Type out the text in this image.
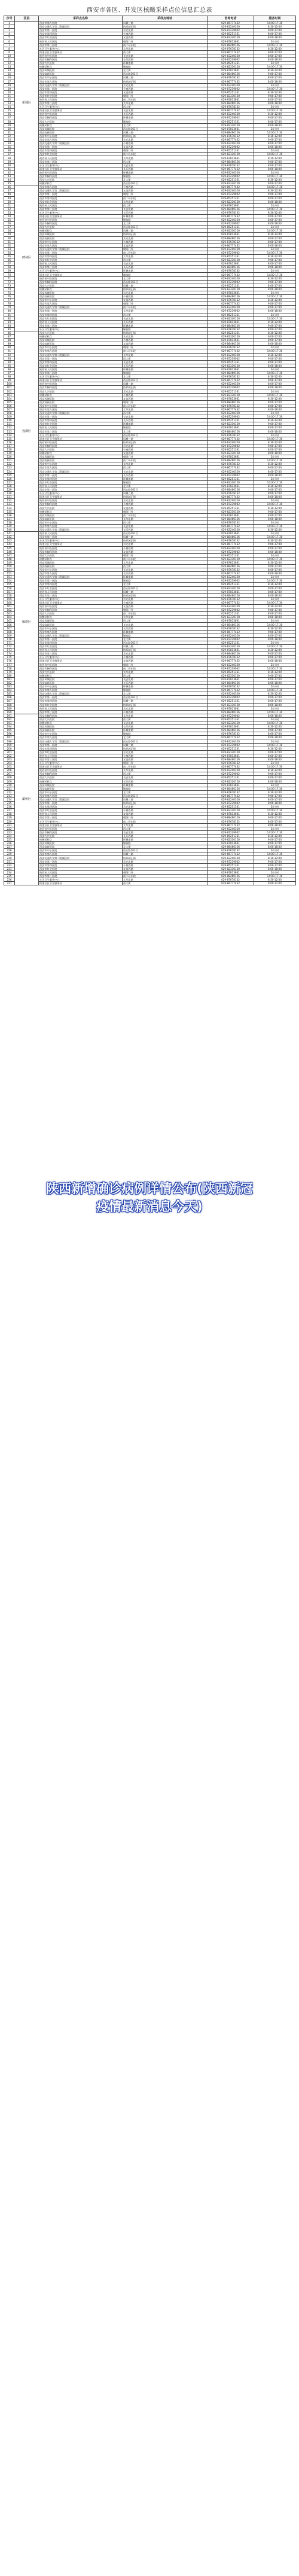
西安市各区、开发区核酸采样点位信息汇总表
序号	区县	采样点名称	采样点地址	咨询电话	服务时间
1	新城区	西安市第九医院	凤城三路	029-86777432	14:00-17:30
2		西安交通大学第二附属医院	纺织城正街	029-83240320	8:30-12:00
3		西安市第一医院	含光北路	029-87239002	9:00-17:00
4		西安市第四医院	小寨西路	029-85251331	8:00-17:00
5		西安市红会医院	友谊西路	029-82330120	8:00-18:00
6		陕西省人民医院	朝阳门外	029-87813661	24小时
7		西安市第三医院	南二环东段	029-88460126	14:00-17:30
8		社区卫生服务中心	太华北路	029-87678132	8:30-12:00
9		街道社区卫生服务站	西大街	029-86777432	9:00-17:00
10		陕西省中医医院	长安北路	029-83240320	8:00-17:00
11		西安市胸科医院	长乐西路	029-87239002	8:00-18:00
12		西安大兴医院	环城南路	029-85251331	24小时
13		核酸采样点	解放路	029-82330120	14:00-17:30
14		西安凤城医院	北大街	029-87813661	8:30-12:00
15		西安高新医院	西五路161号	029-88460126	9:00-17:00
16		西安市中心医院	凤城三路	029-87678132	8:00-17:00
17		西安市第九医院	纺织城正街	029-86777432	8:00-18:00
18		西安交通大学第二附属医院	含光北路	029-83240320	24小时
19		西安市第一医院	小寨西路	029-87239002	14:00-17:30
20		西安市第四医院	友谊西路	029-85251331	8:30-12:00
21		西安市红会医院	朝阳门外	029-82330120	9:00-17:00
22		陕西省人民医院	南二环东段	029-87813661	8:00-17:00
23		西安市第三医院	太华北路	029-88460126	8:00-18:00
24		社区卫生服务中心	西大街	029-87678132	24小时
25		街道社区卫生服务站	长安北路	029-86777432	14:00-17:30
26		陕西省中医医院	长乐西路	029-83240320	8:30-12:00
27		西安市胸科医院	环城南路	029-87239002	9:00-17:00
28		西安大兴医院	解放路	029-85251331	8:00-17:00
29		核酸采样点	北大街	029-82330120	8:00-18:00
30		西安凤城医院	西五路161号	029-87813661	24小时
31		西安高新医院	凤城三路	029-88460126	14:00-17:30
32		西安市中心医院	纺织城正街	029-87678132	8:30-12:00
33		西安市第九医院	含光北路	029-86777432	9:00-17:00
34		西安交通大学第二附属医院	小寨西路	029-83240320	8:00-17:00
35		西安市第一医院	友谊西路	029-87239002	8:00-18:00
36		西安市第四医院	朝阳门外	029-85251331	24小时
37		西安市红会医院	南二环东段	029-82330120	14:00-17:30
38		陕西省人民医院	太华北路	029-87813661	8:30-12:00
39		西安市第三医院	西大街	029-88460126	9:00-17:00
40		社区卫生服务中心	长安北路	029-87678132	8:00-17:00
41		街道社区卫生服务站	长乐西路	029-86777432	8:00-18:00
42		陕西省中医医院	环城南路	029-83240320	24小时
43		西安市胸科医院	解放路	029-87239002	14:00-17:30
44		西安大兴医院	北大街	029-85251331	8:30-12:00
45		核酸采样点	西五路161号	029-82330120	9:00-17:00
46	碑林区	西安市第九医院	小寨西路	029-86777432	14:00-17:30
47		西安交通大学第二附属医院	友谊西路	029-83240320	8:30-12:00
48		西安市第一医院	朝阳门外	029-87239002	9:00-17:00
49		西安市第四医院	南二环东段	029-85251331	8:00-17:00
50		西安市红会医院	太华北路	029-82330120	8:00-18:00
51		陕西省人民医院	西大街	029-87813661	24小时
52		西安市第三医院	长安北路	029-88460126	14:00-17:30
53		社区卫生服务中心	长乐西路	029-87678132	8:30-12:00
54		街道社区卫生服务站	环城南路	029-86777432	9:00-17:00
55		陕西省中医医院	解放路	029-83240320	8:00-17:00
56		西安市胸科医院	北大街	029-87239002	8:00-18:00
57		西安大兴医院	西五路161号	029-85251331	24小时
58		核酸采样点	凤城三路	029-82330120	14:00-17:30
59		西安凤城医院	纺织城正街	029-87813661	8:30-12:00
60		西安高新医院	含光北路	029-88460126	9:00-17:00
61		西安市中心医院	小寨西路	029-87678132	8:00-17:00
62		西安市第九医院	友谊西路	029-86777432	8:00-18:00
63		西安交通大学第二附属医院	朝阳门外	029-83240320	24小时
64		西安市第一医院	南二环东段	029-87239002	14:00-17:30
65		西安市第四医院	太华北路	029-85251331	8:30-12:00
66		西安市红会医院	西大街	029-82330120	9:00-17:00
67		陕西省人民医院	长安北路	029-87813661	8:00-17:00
68		西安市第三医院	长乐西路	029-88460126	8:00-18:00
69		社区卫生服务中心	环城南路	029-87678132	24小时
70		街道社区卫生服务站	解放路	029-86777432	14:00-17:30
71		陕西省中医医院	北大街	029-83240320	8:30-12:00
72		西安市胸科医院	西五路161号	029-87239002	9:00-17:00
73		西安大兴医院	凤城三路	029-85251331	8:00-17:00
74		核酸采样点	纺织城正街	029-82330120	8:00-18:00
75		西安凤城医院	含光北路	029-87813661	24小时
76		西安高新医院	小寨西路	029-88460126	14:00-17:30
77		西安市中心医院	友谊西路	029-87678132	8:30-12:00
78		西安市第九医院	朝阳门外	029-86777432	9:00-17:00
79		西安交通大学第二附属医院	南二环东段	029-83240320	8:00-17:00
80		西安市第一医院	太华北路	029-87239002	8:00-18:00
81		西安市第四医院	西大街	029-85251331	24小时
82		西安市红会医院	长安北路	029-82330120	14:00-17:30
83		陕西省人民医院	长乐西路	029-87813661	8:30-12:00
84		西安市第三医院	环城南路	029-88460126	9:00-17:00
85		社区卫生服务中心	解放路	029-87678132	8:00-17:00
86	莲湖区	西安大兴医院	纺织城正街	029-85251331	8:30-12:00
87		核酸采样点	含光北路	029-82330120	9:00-17:00
88		西安凤城医院	小寨西路	029-87813661	8:00-17:00
89		西安高新医院	友谊西路	029-88460126	8:00-18:00
90		西安市中心医院	朝阳门外	029-87678132	24小时
91		西安市第九医院	南二环东段	029-86777432	14:00-17:30
92		西安交通大学第二附属医院	太华北路	029-83240320	8:30-12:00
93		西安市第一医院	西大街	029-87239002	9:00-17:00
94		西安市第四医院	长安北路	029-85251331	8:00-17:00
95		西安市红会医院	长乐西路	029-82330120	8:00-18:00
96		陕西省人民医院	环城南路	029-87813661	24小时
97		西安市第三医院	解放路	029-88460126	14:00-17:30
98		社区卫生服务中心	北大街	029-87678132	8:30-12:00
99		街道社区卫生服务站	西五路161号	029-86777432	9:00-17:00
100		陕西省中医医院	凤城三路	029-83240320	8:00-17:00
101		西安市胸科医院	纺织城正街	029-87239002	8:00-18:00
102		西安大兴医院	含光北路	029-85251331	24小时
103		核酸采样点	小寨西路	029-82330120	14:00-17:30
104		西安凤城医院	友谊西路	029-87813661	8:30-12:00
105		西安高新医院	朝阳门外	029-88460126	9:00-17:00
106		西安市中心医院	南二环东段	029-87678132	8:00-17:00
107		西安市第九医院	太华北路	029-86777432	8:00-18:00
108		西安交通大学第二附属医院	西大街	029-83240320	24小时
109		西安市第一医院	长安北路	029-87239002	14:00-17:30
110		西安市第四医院	长乐西路	029-85251331	8:30-12:00
111		西安市红会医院	环城南路	029-82330120	9:00-17:00
112		陕西省人民医院	解放路	029-87813661	8:00-17:00
113		西安市第三医院	北大街	029-88460126	8:00-18:00
114		社区卫生服务中心	西五路161号	029-87678132	24小时
115		街道社区卫生服务站	凤城三路	029-86777432	14:00-17:30
116		陕西省中医医院	纺织城正街	029-83240320	8:30-12:00
117		西安市胸科医院	含光北路	029-87239002	9:00-17:00
118		西安大兴医院	小寨西路	029-85251331	8:00-17:00
119		核酸采样点	友谊西路	029-82330120	8:00-18:00
120		西安凤城医院	朝阳门外	029-87813661	24小时
121		西安高新医院	南二环东段	029-88460126	14:00-17:30
122		西安市中心医院	太华北路	029-87678132	8:30-12:00
123		西安市第九医院	西大街	029-86777432	9:00-17:00
124		西安交通大学第二附属医院	长安北路	029-83240320	8:00-17:00
125		西安市第一医院	长乐西路	029-87239002	8:00-18:00
126		西安市第四医院	环城南路	029-85251331	24小时
127		西安市红会医院	解放路	029-82330120	14:00-17:30
128		陕西省人民医院	北大街	029-87813661	8:30-12:00
129		西安市第三医院	西五路161号	029-88460126	9:00-17:00
130		社区卫生服务中心	凤城三路	029-87678132	8:00-17:00
131		街道社区卫生服务站	纺织城正街	029-86777432	8:00-18:00
132		陕西省中医医院	含光北路	029-83240320	24小时
133		西安市胸科医院	小寨西路	029-87239002	14:00-17:30
134		西安大兴医院	友谊西路	029-85251331	8:30-12:00
135		核酸采样点	朝阳门外	029-82330120	9:00-17:00
136		西安凤城医院	南二环东段	029-87813661	8:00-17:00
137		西安高新医院	太华北路	029-88460126	8:00-18:00
138		西安市中心医院	西大街	029-87678132	24小时
139		西安市第九医院	长安北路	029-86777432	14:00-17:30
140		西安交通大学第二附属医院	长乐西路	029-83240320	8:30-12:00
141	雁塔区	陕西省人民医院	西五路161号	029-87813661	24小时
142		西安市第三医院	凤城三路	029-88460126	14:00-17:30
143		社区卫生服务中心	纺织城正街	029-87678132	8:30-12:00
144		街道社区卫生服务站	含光北路	029-86777432	9:00-17:00
145		陕西省中医医院	小寨西路	029-83240320	8:00-17:00
146		西安市胸科医院	友谊西路	029-87239002	8:00-18:00
147		西安大兴医院	朝阳门外	029-85251331	24小时
148		核酸采样点	南二环东段	029-82330120	14:00-17:30
149		西安凤城医院	太华北路	029-87813661	8:30-12:00
150		西安高新医院	西大街	029-88460126	9:00-17:00
151		西安市中心医院	长安北路	029-87678132	8:00-17:00
152		西安市第九医院	长乐西路	029-86777432	8:00-18:00
153		西安交通大学第二附属医院	环城南路	029-83240320	24小时
154		西安市第一医院	解放路	029-87239002	14:00-17:30
155		西安市第四医院	北大街	029-85251331	8:30-12:00
156		西安市红会医院	西五路161号	029-82330120	9:00-17:00
157		陕西省人民医院	凤城三路	029-87813661	8:00-17:00
158		西安市第三医院	纺织城正街	029-88460126	8:00-18:00
159		社区卫生服务中心	含光北路	029-87678132	24小时
160		街道社区卫生服务站	小寨西路	029-86777432	14:00-17:30
161		陕西省中医医院	友谊西路	029-83240320	8:30-12:00
162		西安市胸科医院	朝阳门外	029-87239002	9:00-17:00
163		西安大兴医院	南二环东段	029-85251331	8:00-17:00
164		核酸采样点	太华北路	029-82330120	8:00-18:00
165		西安凤城医院	西大街	029-87813661	24小时
166		西安高新医院	长安北路	029-88460126	14:00-17:30
167		西安市中心医院	长乐西路	029-87678132	8:30-12:00
168		西安市第九医院	环城南路	029-86777432	9:00-17:00
169		西安交通大学第二附属医院	解放路	029-83240320	8:00-17:00
170		西安市第一医院	北大街	029-87239002	8:00-18:00
171		西安市第四医院	西五路161号	029-85251331	24小时
172		西安市红会医院	凤城三路	029-82330120	14:00-17:30
173		陕西省人民医院	纺织城正街	029-87813661	8:30-12:00
174		西安市第三医院	含光北路	029-88460126	9:00-17:00
175		社区卫生服务中心	小寨西路	029-87678132	8:00-17:00
176		街道社区卫生服务站	友谊西路	029-86777432	8:00-18:00
177		陕西省中医医院	朝阳门外	029-83240320	24小时
178		西安市胸科医院	南二环东段	029-87239002	14:00-17:30
179		西安大兴医院	太华北路	029-85251331	8:30-12:00
180		核酸采样点	西大街	029-82330120	9:00-17:00
181		西安凤城医院	长安北路	029-87813661	8:00-17:00
182		西安高新医院	长乐西路	029-88460126	8:00-18:00
183		西安市中心医院	环城南路	029-87678132	24小时
184		西安市第九医院	解放路	029-86777432	14:00-17:30
185		西安交通大学第二附属医院	北大街	029-83240320	8:30-12:00
186		西安市第一医院	西五路161号	029-87239002	9:00-17:00
187		西安市第四医院	凤城三路	029-85251331	8:00-17:00
188		西安市红会医院	纺织城正街	029-82330120	8:00-18:00
189		陕西省人民医院	含光北路	029-87813661	24小时
190		西安市第三医院	小寨西路	029-88460126	14:00-17:30
191	灞桥区	西安市胸科医院	太华北路	029-87239002	8:00-18:00
192		西安大兴医院	西大街	029-85251331	24小时
193		核酸采样点	长安北路	029-82330120	14:00-17:30
194		西安凤城医院	长乐西路	029-87813661	8:30-12:00
195		西安高新医院	环城南路	029-88460126	9:00-17:00
196		西安市中心医院	解放路	029-87678132	8:00-17:00
197		西安市第九医院	北大街	029-86777432	8:00-18:00
198		西安交通大学第二附属医院	西五路161号	029-83240320	24小时
199		西安市第一医院	凤城三路	029-87239002	14:00-17:30
200		西安市第四医院	纺织城正街	029-85251331	8:30-12:00
201		西安市红会医院	含光北路	029-82330120	9:00-17:00
202		陕西省人民医院	小寨西路	029-87813661	8:00-17:00
203		西安市第三医院	友谊西路	029-88460126	8:00-18:00
204		社区卫生服务中心	朝阳门外	029-87678132	24小时
205		街道社区卫生服务站	南二环东段	029-86777432	14:00-17:30
206		陕西省中医医院	太华北路	029-83240320	8:30-12:00
207		西安市胸科医院	西大街	029-87239002	9:00-17:00
208		西安大兴医院	长安北路	029-85251331	8:00-17:00
209		核酸采样点	长乐西路	029-82330120	8:00-18:00
210		西安凤城医院	环城南路	029-87813661	24小时
211		西安高新医院	解放路	029-88460126	14:00-17:30
212		西安市中心医院	北大街	029-87678132	8:30-12:00
213		西安市第九医院	西五路161号	029-86777432	9:00-17:00
214		西安交通大学第二附属医院	凤城三路	029-83240320	8:00-17:00
215		西安市第一医院	纺织城正街	029-87239002	8:00-18:00
216		西安市第四医院	含光北路	029-85251331	24小时
217		西安市红会医院	小寨西路	029-82330120	14:00-17:30
218		陕西省人民医院	友谊西路	029-87813661	8:30-12:00
219		西安市第三医院	朝阳门外	029-88460126	9:00-17:00
220		社区卫生服务中心	南二环东段	029-87678132	8:00-17:00
221		街道社区卫生服务站	太华北路	029-86777432	8:00-18:00
222		陕西省中医医院	西大街	029-83240320	24小时
223		西安市胸科医院	长安北路	029-87239002	14:00-17:30
224		西安大兴医院	长乐西路	029-85251331	8:30-12:00
225		核酸采样点	环城南路	029-82330120	9:00-17:00
226		西安凤城医院	解放路	029-87813661	8:00-17:00
227		西安高新医院	北大街	029-88460126	8:00-18:00
228		西安市中心医院	西五路161号	029-87678132	24小时
229		西安市第九医院	凤城三路	029-86777432	14:00-17:30
230		西安交通大学第二附属医院	纺织城正街	029-83240320	8:30-12:00
231		西安市第一医院	含光北路	029-87239002	9:00-17:00
232		西安市第四医院	小寨西路	029-85251331	8:00-17:00
233		西安市红会医院	友谊西路	029-82330120	8:00-18:00
234		陕西省人民医院	朝阳门外	029-87813661	24小时
235		西安市第三医院	南二环东段	029-88460126	14:00-17:30
236		社区卫生服务中心	太华北路	029-87678132	8:30-12:00
237		街道社区卫生服务站	西大街	029-86777432	9:00-17:00
陕西新增确诊病例详情公布(陕西新冠
疫情最新消息今天)
